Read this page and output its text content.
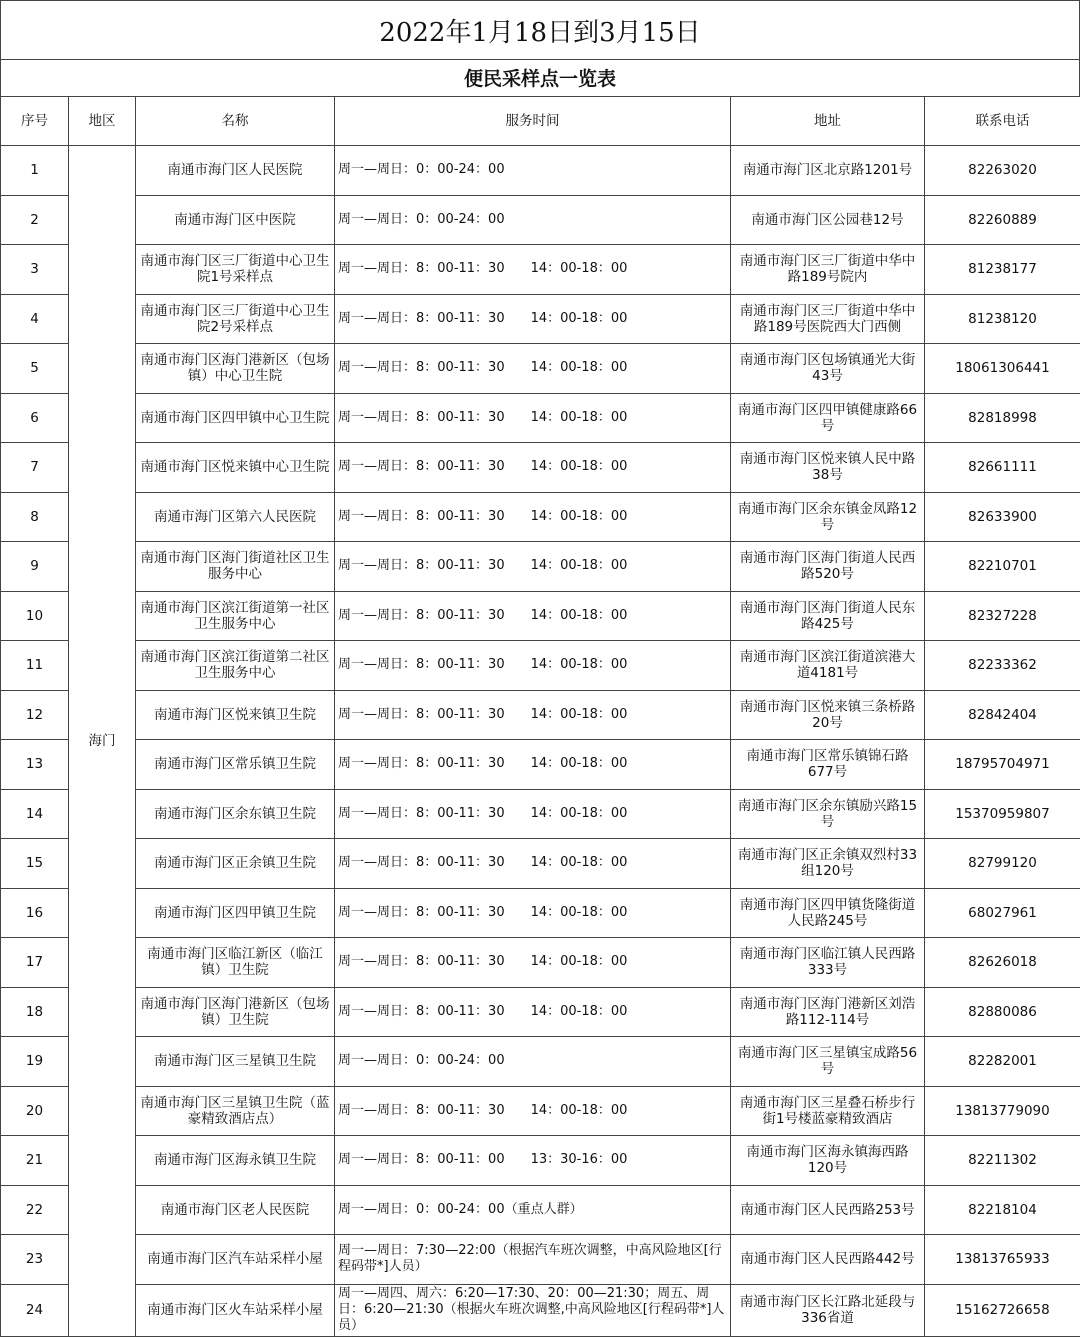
2022年1月18日到3月15日
便民采样点一览表
序号	地区	名称	服务时间	地址	联系电话
1	海门	南通市海门区人民医院	周一—周日：0：00-24：00	南通市海门区北京路1201号	82263020
2		南通市海门区中医院	周一—周日：0：00-24：00	南通市海门区公园巷12号	82260889
3		南通市海门区三厂街道中心卫生院1号采样点	周一—周日：8：00-11：30　　14：00-18：00	南通市海门区三厂街道中华中路189号院内	81238177
4		南通市海门区三厂街道中心卫生院2号采样点	周一—周日：8：00-11：30　　14：00-18：00	南通市海门区三厂街道中华中路189号医院西大门西侧	81238120
5		南通市海门区海门港新区（包场镇）中心卫生院	周一—周日：8：00-11：30　　14：00-18：00	南通市海门区包场镇通光大街43号	18061306441
6		南通市海门区四甲镇中心卫生院	周一—周日：8：00-11：30　　14：00-18：00	南通市海门区四甲镇健康路66号	82818998
7		南通市海门区悦来镇中心卫生院	周一—周日：8：00-11：30　　14：00-18：00	南通市海门区悦来镇人民中路38号	82661111
8		南通市海门区第六人民医院	周一—周日：8：00-11：30　　14：00-18：00	南通市海门区余东镇金凤路12号	82633900
9		南通市海门区海门街道社区卫生服务中心	周一—周日：8：00-11：30　　14：00-18：00	南通市海门区海门街道人民西路520号	82210701
10		南通市海门区滨江街道第一社区卫生服务中心	周一—周日：8：00-11：30　　14：00-18：00	南通市海门区海门街道人民东路425号	82327228
11		南通市海门区滨江街道第二社区卫生服务中心	周一—周日：8：00-11：30　　14：00-18：00	南通市海门区滨江街道滨港大道4181号	82233362
12		南通市海门区悦来镇卫生院	周一—周日：8：00-11：30　　14：00-18：00	南通市海门区悦来镇三条桥路20号	82842404
13		南通市海门区常乐镇卫生院	周一—周日：8：00-11：30　　14：00-18：00	南通市海门区常乐镇锦石路677号	18795704971
14		南通市海门区余东镇卫生院	周一—周日：8：00-11：30　　14：00-18：00	南通市海门区余东镇励兴路15号	15370959807
15		南通市海门区正余镇卫生院	周一—周日：8：00-11：30　　14：00-18：00	南通市海门区正余镇双烈村33组120号	82799120
16		南通市海门区四甲镇卫生院	周一—周日：8：00-11：30　　14：00-18：00	南通市海门区四甲镇货隆街道人民路245号	68027961
17		南通市海门区临江新区（临江镇）卫生院	周一—周日：8：00-11：30　　14：00-18：00	南通市海门区临江镇人民西路333号	82626018
18		南通市海门区海门港新区（包场镇）卫生院	周一—周日：8：00-11：30　　14：00-18：00	南通市海门区海门港新区刘浩路112-114号	82880086
19		南通市海门区三星镇卫生院	周一—周日：0：00-24：00	南通市海门区三星镇宝成路56号	82282001
20		南通市海门区三星镇卫生院（蓝豪精致酒店点）	周一—周日：8：00-11：30　　14：00-18：00	南通市海门区三星叠石桥步行街1号楼蓝豪精致酒店	13813779090
21		南通市海门区海永镇卫生院	周一—周日：8：00-11：00　　13：30-16：00	南通市海门区海永镇海西路120号	82211302
22		南通市海门区老人民医院	周一—周日：0：00-24：00（重点人群）	南通市海门区人民西路253号	82218104
23		南通市海门区汽车站采样小屋	周一—周日：7:30—22:00（根据汽车班次调整，中高风险地区[行程码带*]人员）	南通市海门区人民西路442号	13813765933
24		南通市海门区火车站采样小屋	周一—周四、周六：6:20—17:30、20：00—21:30；周五、周日：6:20—21:30（根据火车班次调整,中高风险地区[行程码带*]人员）	南通市海门区长江路北延段与336省道	15162726658
